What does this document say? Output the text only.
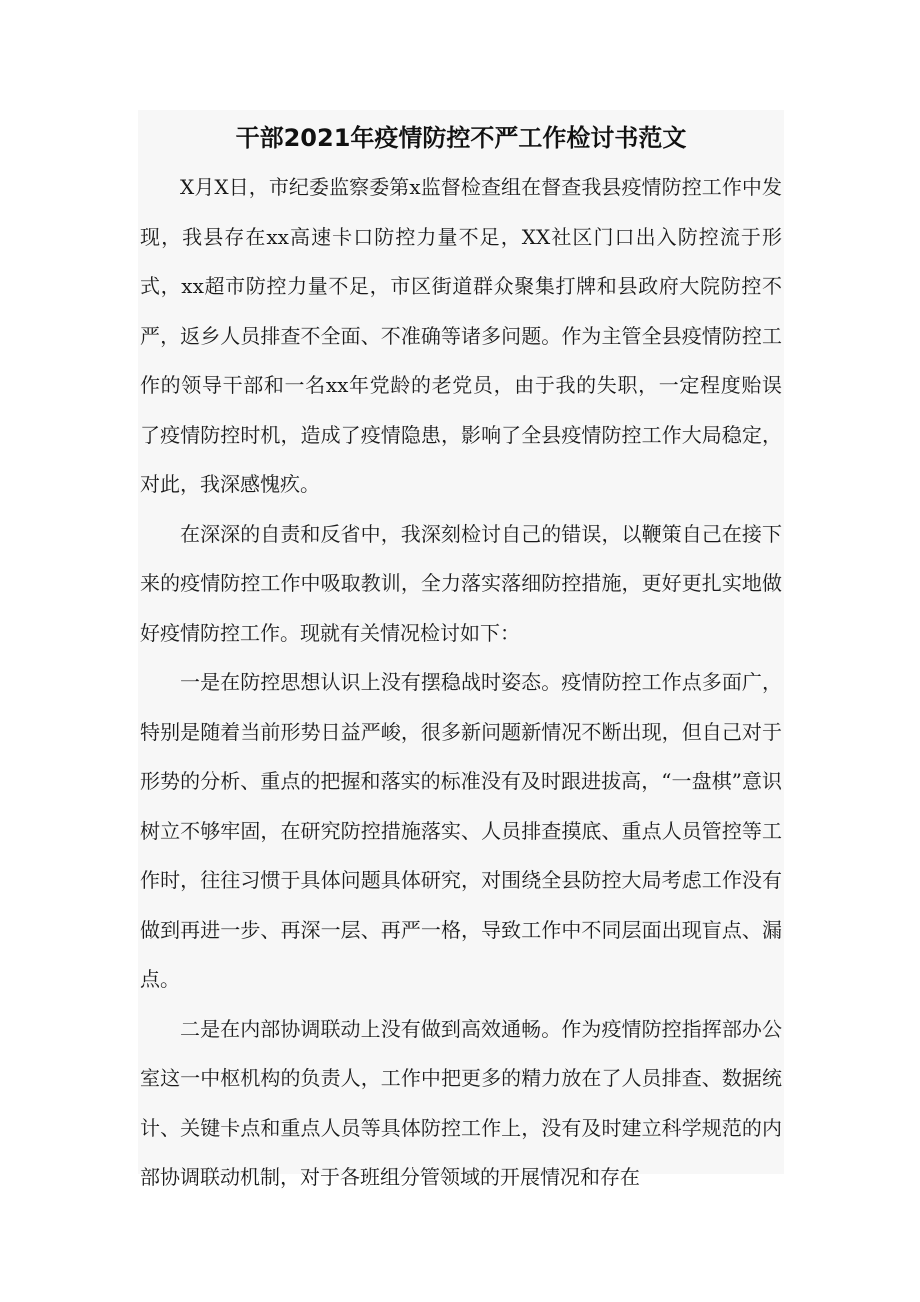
干部2021年疫情防控不严工作检讨书范文

X月X日，市纪委监察委第x监督检查组在督查我县疫情防控工作中发现，我县存在xx高速卡口防控力量不足，XX社区门口出入防控流于形式，xx超市防控力量不足，市区街道群众聚集打牌和县政府大院防控不严，返乡人员排查不全面、不准确等诸多问题。作为主管全县疫情防控工作的领导干部和一名xx年党龄的老党员，由于我的失职，一定程度贻误了疫情防控时机，造成了疫情隐患，影响了全县疫情防控工作大局稳定，对此，我深感愧疚。

在深深的自责和反省中，我深刻检讨自己的错误，以鞭策自己在接下来的疫情防控工作中吸取教训，全力落实落细防控措施，更好更扎实地做好疫情防控工作。现就有关情况检讨如下：

一是在防控思想认识上没有摆稳战时姿态。疫情防控工作点多面广，特别是随着当前形势日益严峻，很多新问题新情况不断出现，但自己对于形势的分析、重点的把握和落实的标准没有及时跟进拔高，“一盘棋”意识树立不够牢固，在研究防控措施落实、人员排查摸底、重点人员管控等工作时，往往习惯于具体问题具体研究，对围绕全县防控大局考虑工作没有做到再进一步、再深一层、再严一格，导致工作中不同层面出现盲点、漏点。

二是在内部协调联动上没有做到高效通畅。作为疫情防控指挥部办公室这一中枢机构的负责人，工作中把更多的精力放在了人员排查、数据统计、关键卡点和重点人员等具体防控工作上，没有及时建立科学规范的内部协调联动机制，对于各班组分管领域的开展情况和存在
